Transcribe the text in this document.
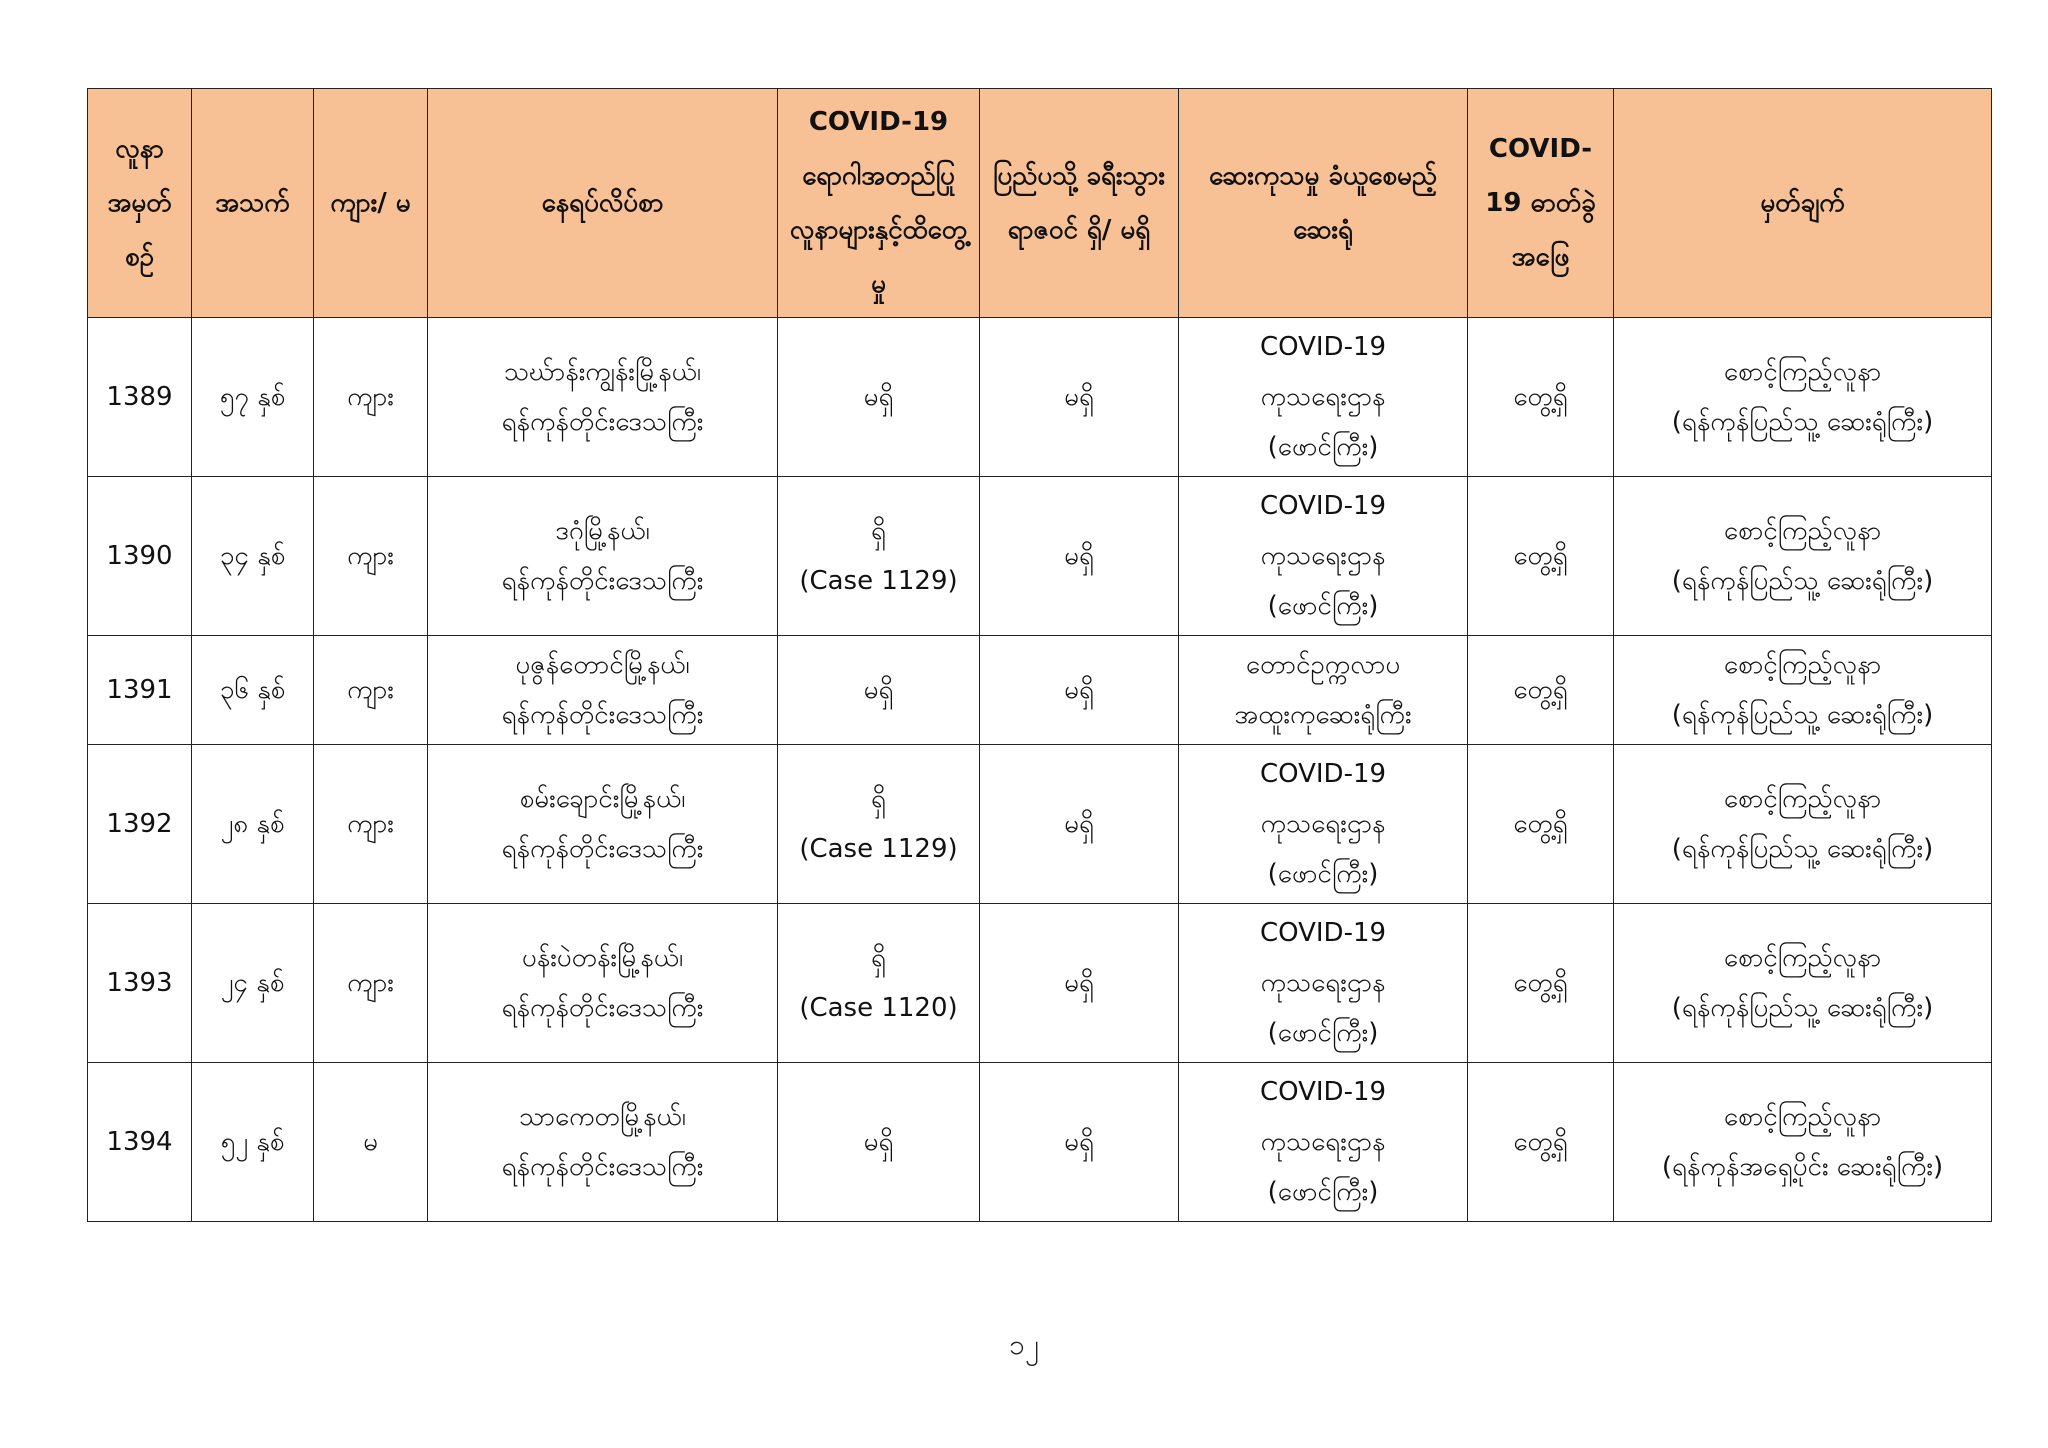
လူနာ အမှတ်စဉ်	အသက်	ကျား/ မ	နေရပ်လိပ်စာ	COVID-19 ရောဂါအတည်ပြု လူနာများနှင့်ထိတွေ့မှု	ပြည်ပသို့ ခရီးသွားရာဇဝင် ရှိ/ မရှိ	ဆေးကုသမှု ခံယူစေမည့် ဆေးရုံ	COVID-19 ဓာတ်ခွဲ အဖြေ	မှတ်ချက်

1389	၅၇ နှစ်	ကျား	သဃ်ာန်းကျွန်းမြို့နယ်၊
ရန်ကုန်တိုင်းဒေသကြီး	မရှိ	မရှိ	COVID-19
ကုသရေးဌာန
(ဖောင်ကြီး)	တွေ့ရှိ	စောင့်ကြည့်လူနာ
(ရန်ကုန်ပြည်သူ့ ဆေးရုံကြီး)

1390	၃၄ နှစ်	ကျား	ဒဂုံမြို့နယ်၊
ရန်ကုန်တိုင်းဒေသကြီး	ရှိ
(Case 1129)	မရှိ	COVID-19
ကုသရေးဌာန
(ဖောင်ကြီး)	တွေ့ရှိ	စောင့်ကြည့်လူနာ
(ရန်ကုန်ပြည်သူ့ ဆေးရုံကြီး)

1391	၃၆ နှစ်	ကျား	ပုဇွန်တောင်မြို့နယ်၊
ရန်ကုန်တိုင်းဒေသကြီး	မရှိ	မရှိ	တောင်ဥက္ကလာပ
အထူးကုဆေးရုံကြီး	တွေ့ရှိ	စောင့်ကြည့်လူနာ
(ရန်ကုန်ပြည်သူ့ ဆေးရုံကြီး)

1392	၂၈ နှစ်	ကျား	စမ်းချောင်းမြို့နယ်၊
ရန်ကုန်တိုင်းဒေသကြီး	ရှိ
(Case 1129)	မရှိ	COVID-19
ကုသရေးဌာန
(ဖောင်ကြီး)	တွေ့ရှိ	စောင့်ကြည့်လူနာ
(ရန်ကုန်ပြည်သူ့ ဆေးရုံကြီး)

1393	၂၄ နှစ်	ကျား	ပန်းပဲတန်းမြို့နယ်၊
ရန်ကုန်တိုင်းဒေသကြီး	ရှိ
(Case 1120)	မရှိ	COVID-19
ကုသရေးဌာန
(ဖောင်ကြီး)	တွေ့ရှိ	စောင့်ကြည့်လူနာ
(ရန်ကုန်ပြည်သူ့ ဆေးရုံကြီး)

1394	၅၂ နှစ်	မ	သာကေတမြို့နယ်၊
ရန်ကုန်တိုင်းဒေသကြီး	မရှိ	မရှိ	COVID-19
ကုသရေးဌာန
(ဖောင်ကြီး)	တွေ့ရှိ	စောင့်ကြည့်လူနာ
(ရန်ကုန်အရှေ့ပိုင်း ဆေးရုံကြီး)
၁၂
